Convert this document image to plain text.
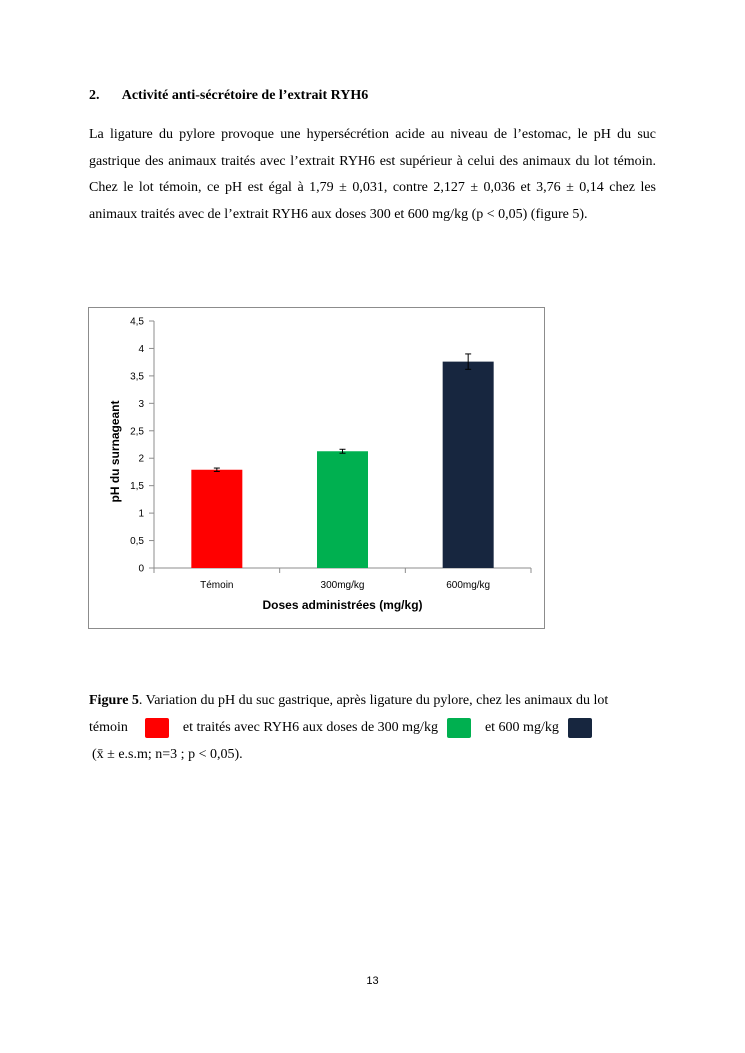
2. Activité anti-sécrétoire de l’extrait RYH6
La ligature du pylore provoque une hypersécrétion acide au niveau de l’estomac, le pH du suc gastrique des animaux traités avec l’extrait RYH6 est supérieur à celui des animaux du lot témoin. Chez le lot témoin, ce pH est égal à 1,79 ± 0,031, contre 2,127 ± 0,036 et 3,76 ± 0,14 chez les animaux traités avec de l’extrait RYH6 aux doses 300 et 600 mg/kg (p < 0,05) (figure 5).
0
0,5
1
1,5
2
2,5
3
3,5
4
4,5
Témoin	300mg/kg	600mg/kg
Doses administrées (mg/kg)
pH du surnageant
Figure 5. Variation du pH du suc gastrique, après ligature du pylore, chez les animaux du lot
témoin	et traités avec RYH6 aux doses de 300 mg/kg	et 600 mg/kg
(x̄ ± e.s.m; n=3 ; p < 0,05).
13
